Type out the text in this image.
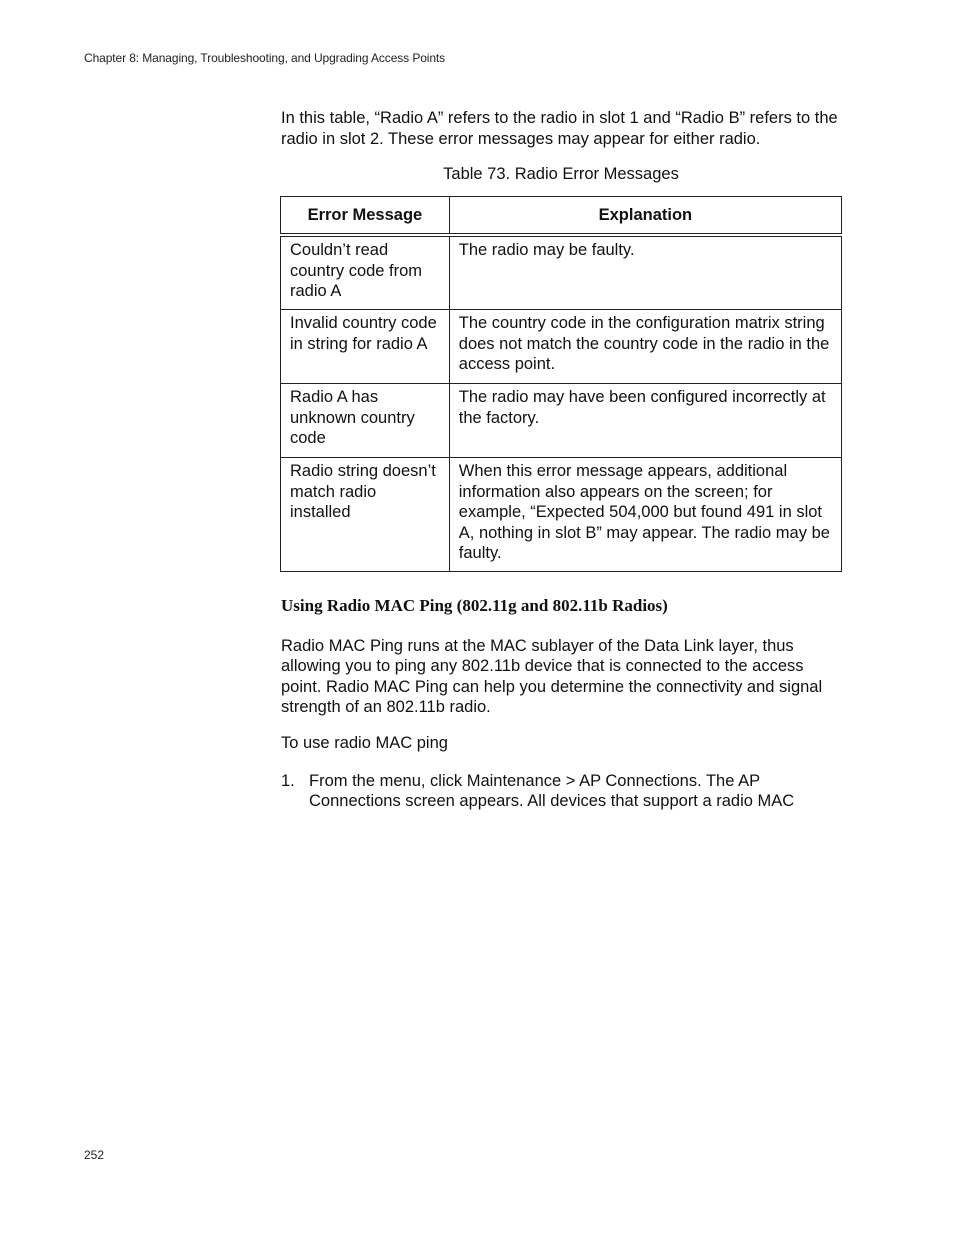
Chapter 8: Managing, Troubleshooting, and Upgrading Access Points

In this table, “Radio A” refers to the radio in slot 1 and “Radio B” refers to the radio in slot 2. These error messages may appear for either radio.

Table 73. Radio Error Messages
Error Message	Explanation
Couldn’t read country code from radio A	The radio may be faulty.
Invalid country code in string for radio A	The country code in the configuration matrix string does not match the country code in the radio in the access point.
Radio A has unknown country code	The radio may have been configured incorrectly at the factory.
Radio string doesn’t match radio installed	When this error message appears, additional information also appears on the screen; for example, “Expected 504,000 but found 491 in slot A, nothing in slot B” may appear. The radio may be faulty.
Using Radio MAC Ping (802.11g and 802.11b Radios)

Radio MAC Ping runs at the MAC sublayer of the Data Link layer, thus allowing you to ping any 802.11b device that is connected to the access point. Radio MAC Ping can help you determine the connectivity and signal strength of an 802.11b radio.

To use radio MAC ping

1. From the menu, click Maintenance > AP Connections. The AP Connections screen appears. All devices that support a radio MAC

252
